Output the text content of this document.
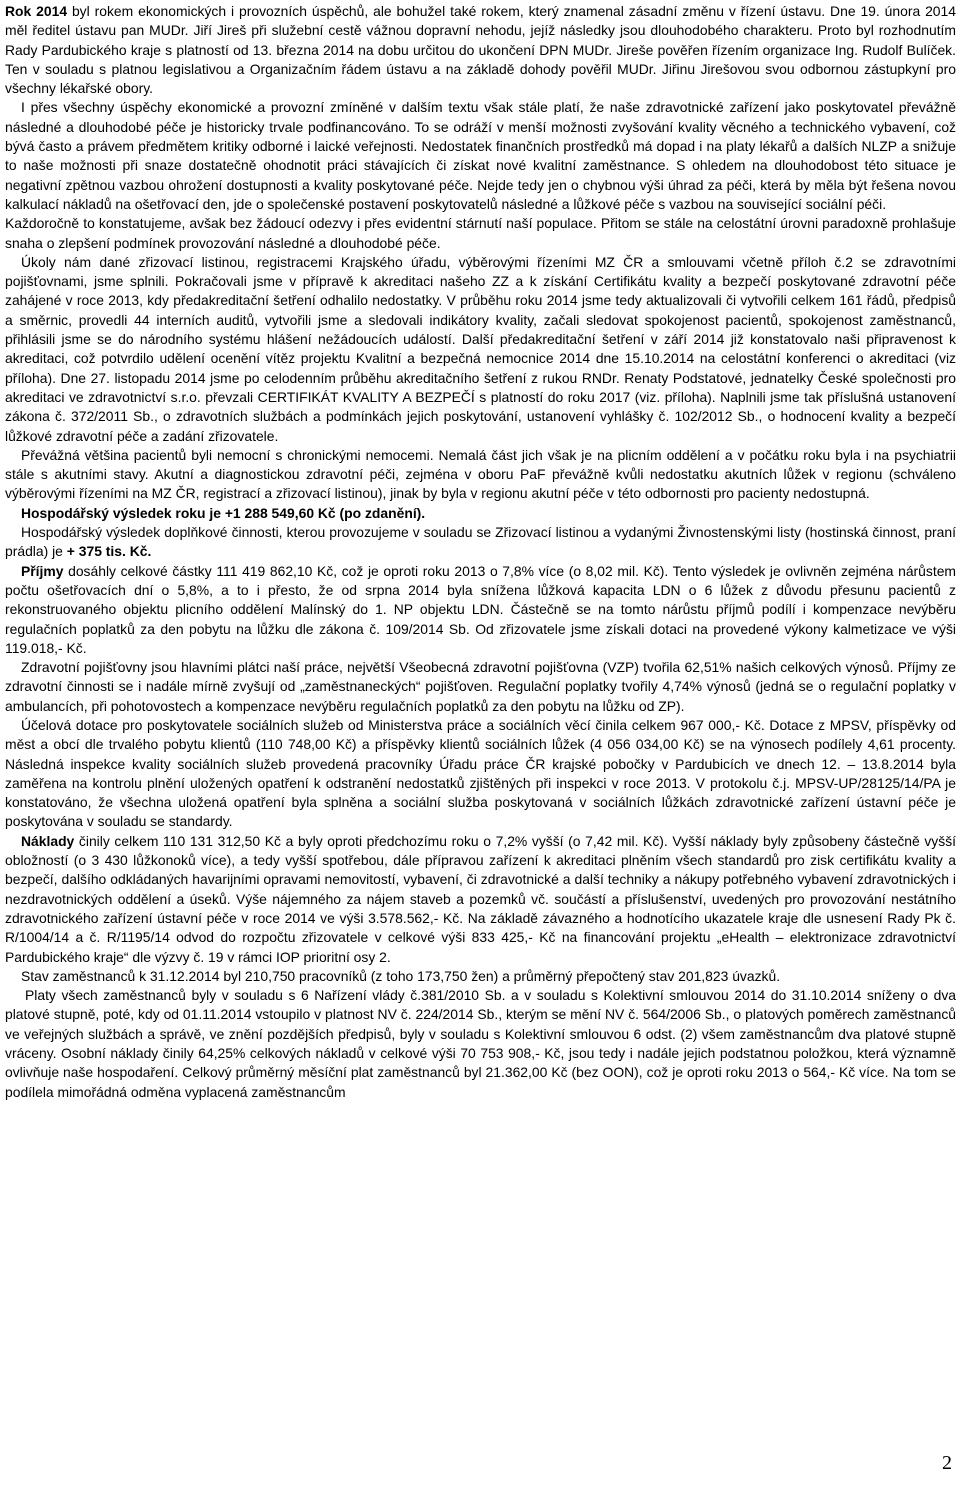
Rok 2014 byl rokem ekonomických i provozních úspěchů, ale bohužel také rokem, který znamenal zásadní změnu v řízení ústavu. Dne 19. února 2014 měl ředitel ústavu pan MUDr. Jiří Jireš při služební cestě vážnou dopravní nehodu, jejíž následky jsou dlouhodobého charakteru. Proto byl rozhodnutím Rady Pardubického kraje s platností od 13. března 2014 na dobu určitou do ukončení DPN MUDr. Jireše pověřen řízením organizace Ing. Rudolf Bulíček. Ten v souladu s platnou legislativou a Organizačním řádem ústavu a na základě dohody pověřil MUDr. Jiřinu Jirešovou svou odbornou zástupkyní pro všechny lékařské obory.

I přes všechny úspěchy ekonomické a provozní zmíněné v dalším textu však stále platí, že naše zdravotnické zařízení jako poskytovatel převážně následné a dlouhodobé péče je historicky trvale podfinancováno. To se odráží v menší možnosti zvyšování kvality věcného a technického vybavení, což bývá často a právem předmětem kritiky odborné i laické veřejnosti. Nedostatek finančních prostředků má dopad i na platy lékařů a dalších NLZP a snižuje to naše možnosti při snaze dostatečně ohodnotit práci stávajících či získat nové kvalitní zaměstnance. S ohledem na dlouhodobost této situace je negativní zpětnou vazbou ohrožení dostupnosti a kvality poskytované péče. Nejde tedy jen o chybnou výši úhrad za péči, která by měla být řešena novou kalkulací nákladů na ošetřovací den, jde o společenské postavení poskytovatelů následné a lůžkové péče s vazbou na související sociální péči.

Každoročně to konstatujeme, avšak bez žádoucí odezvy i přes evidentní stárnutí naší populace. Přitom se stále na celostátní úrovni paradoxně prohlašuje snaha o zlepšení podmínek provozování následné a dlouhodobé péče.

Úkoly nám dané zřizovací listinou, registracemi Krajského úřadu, výběrovými řízeními MZ ČR a smlouvami včetně příloh č.2 se zdravotními pojišťovnami, jsme splnili. Pokračovali jsme v přípravě k akreditaci našeho ZZ a k získání Certifikátu kvality a bezpečí poskytované zdravotní péče zahájené v roce 2013, kdy předakreditační šetření odhalilo nedostatky. V průběhu roku 2014 jsme tedy aktualizovali či vytvořili celkem 161 řádů, předpisů a směrnic, provedli 44 interních auditů, vytvořili jsme a sledovali indikátory kvality, začali sledovat spokojenost pacientů, spokojenost zaměstnanců, přihlásili jsme se do národního systému hlášení nežádoucích událostí. Další předakreditační šetření v září 2014 již konstatovalo naši připravenost k akreditaci, což potvrdilo udělení ocenění vítěz projektu Kvalitní a bezpečná nemocnice 2014 dne 15.10.2014 na celostátní konferenci o akreditaci (viz příloha). Dne 27. listopadu 2014 jsme po celodenním průběhu akreditačního šetření z rukou RNDr. Renaty Podstatové, jednatelky České společnosti pro akreditaci ve zdravotnictví s.r.o. převzali CERTIFIKÁT KVALITY A BEZPEČÍ s platností do roku 2017 (viz. příloha). Naplnili jsme tak příslušná ustanovení zákona č. 372/2011 Sb., o zdravotních službách a podmínkách jejich poskytování, ustanovení vyhlášky č. 102/2012 Sb., o hodnocení kvality a bezpečí lůžkové zdravotní péče a zadání zřizovatele.

Převážná většina pacientů byli nemocní s chronickými nemocemi. Nemalá část jich však je na plicním oddělení a v počátku roku byla i na psychiatrii stále s akutními stavy. Akutní a diagnostickou zdravotní péči, zejména v oboru PaF převážně kvůli nedostatku akutních lůžek v regionu (schváleno výběrovými řízeními na MZ ČR, registrací a zřizovací listinou), jinak by byla v regionu akutní péče v této odbornosti pro pacienty nedostupná.

Hospodářský výsledek roku je +1 288 549,60 Kč (po zdanění).

Hospodářský výsledek doplňkové činnosti, kterou provozujeme v souladu se Zřizovací listinou a vydanými Živnostenskými listy (hostinská činnost, praní prádla) je + 375 tis. Kč.

Příjmy dosáhly celkové částky 111 419 862,10 Kč, což je oproti roku 2013 o 7,8% více (o 8,02 mil. Kč). Tento výsledek je ovlivněn zejména nárůstem počtu ošetřovacích dní o 5,8%, a to i přesto, že od srpna 2014 byla snížena lůžková kapacita LDN o 6 lůžek z důvodu přesunu pacientů z rekonstruovaného objektu plicního oddělení Malínský do 1. NP objektu LDN. Částečně se na tomto nárůstu příjmů podílí i kompenzace nevýběru regulačních poplatků za den pobytu na lůžku dle zákona č. 109/2014 Sb. Od zřizovatele jsme získali dotaci na provedené výkony kalmetizace ve výši 119.018,- Kč.

Zdravotní pojišťovny jsou hlavními plátci naší práce, největší Všeobecná zdravotní pojišťovna (VZP) tvořila 62,51% našich celkových výnosů. Příjmy ze zdravotní činnosti se i nadále mírně zvyšují od „zaměstnaneckých“ pojišťoven. Regulační poplatky tvořily 4,74% výnosů (jedná se o regulační poplatky v ambulancích, při pohotovostech a kompenzace nevýběru regulačních poplatků za den pobytu na lůžku od ZP).

Účelová dotace pro poskytovatele sociálních služeb od Ministerstva práce a sociálních věcí činila celkem 967 000,- Kč. Dotace z MPSV, příspěvky od měst a obcí dle trvalého pobytu klientů (110 748,00 Kč) a příspěvky klientů sociálních lůžek (4 056 034,00 Kč) se na výnosech podílely 4,61 procenty. Následná inspekce kvality sociálních služeb provedená pracovníky Úřadu práce ČR krajské pobočky v Pardubicích ve dnech 12. – 13.8.2014 byla zaměřena na kontrolu plnění uložených opatření k odstranění nedostatků zjištěných při inspekci v roce 2013. V protokolu č.j. MPSV-UP/28125/14/PA je konstatováno, že všechna uložená opatření byla splněna a sociální služba poskytovaná v sociálních lůžkách zdravotnické zařízení ústavní péče je poskytována v souladu se standardy.

Náklady činily celkem 110 131 312,50 Kč a byly oproti předchozímu roku o 7,2% vyšší (o 7,42 mil. Kč). Vyšší náklady byly způsobeny částečně vyšší obložností (o 3 430 lůžkonoků více), a tedy vyšší spotřebou, dále přípravou zařízení k akreditaci plněním všech standardů pro zisk certifikátu kvality a bezpečí, dalšího odkládaných havarijními opravami nemovitostí, vybavení, či zdravotnické a další techniky a nákupy potřebného vybavení zdravotnických i nezdravotnických oddělení a úseků. Výše nájemného za nájem staveb a pozemků vč. součástí a příslušenství, uvedených pro provozování nestátního zdravotnického zařízení ústavní péče v roce 2014 ve výši 3.578.562,- Kč. Na základě závazného a hodnotícího ukazatele kraje dle usnesení Rady Pk č. R/1004/14 a č. R/1195/14 odvod do rozpočtu zřizovatele v celkové výši 833 425,- Kč na financování projektu „eHealth – elektronizace zdravotnictví Pardubického kraje“ dle výzvy č. 19 v rámci IOP prioritní osy 2.

Stav zaměstnanců k 31.12.2014 byl 210,750 pracovníků (z toho 173,750 žen) a průměrný přepočtený stav 201,823 úvazků.

Platy všech zaměstnanců byly v souladu s 6 Nařízení vlády č.381/2010 Sb. a v souladu s Kolektivní smlouvou 2014 do 31.10.2014 sníženy o dva platové stupně, poté, kdy od 01.11.2014 vstoupilo v platnost NV č. 224/2014 Sb., kterým se mění NV č. 564/2006 Sb., o platových poměrech zaměstnanců ve veřejných službách a správě, ve znění pozdějších předpisů, byly v souladu s Kolektivní smlouvou 6 odst. (2) všem zaměstnancům dva platové stupně vráceny. Osobní náklady činily 64,25% celkových nákladů v celkové výši 70 753 908,- Kč, jsou tedy i nadále jejich podstatnou položkou, která významně ovlivňuje naše hospodaření. Celkový průměrný měsíční plat zaměstnanců byl 21.362,00 Kč (bez OON), což je oproti roku 2013 o 564,- Kč více. Na tom se podílela mimořádná odměna vyplacená zaměstnancům

2
